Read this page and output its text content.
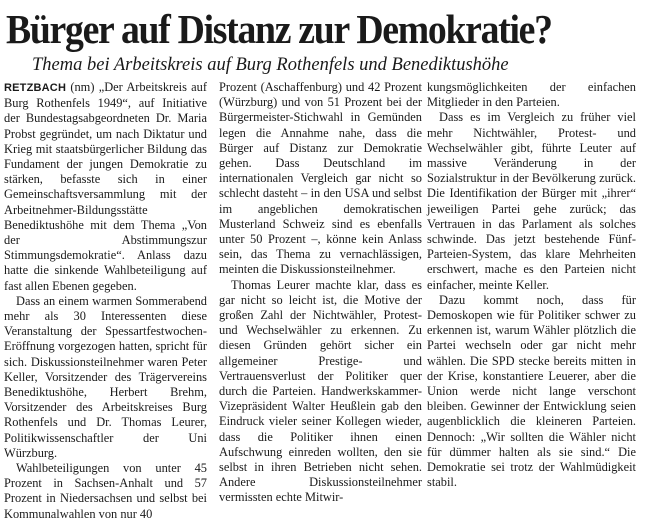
Bürger auf Distanz zur Demokratie?
Thema bei Arbeitskreis auf Burg Rothenfels und Benediktushöhe

RETZBACH (nm) „Der Arbeitskreis auf Burg Rothenfels 1949“, auf Initiative der Bundestagsabgeordneten Dr. Maria Probst gegründet, um nach Diktatur und Krieg mit staatsbürgerlicher Bildung das Fundament der jungen Demokratie zu stärken, befasste sich in einer Gemeinschaftsversammlung mit der Arbeitnehmer-Bildungsstätte Benediktushöhe mit dem Thema „Von der Abstimmungszur Stimmungsdemokratie“. Anlass dazu hatte die sinkende Wahlbeteiligung auf fast allen Ebenen gegeben.

Dass an einem warmen Sommerabend mehr als 30 Interessenten diese Veranstaltung der Spessartfestwochen-Eröffnung vorgezogen hatten, spricht für sich. Diskussionsteilnehmer waren Peter Keller, Vorsitzender des Trägervereins Benediktushöhe, Herbert Brehm, Vorsitzender des Arbeitskreises Burg Rothenfels und Dr. Thomas Leurer, Politikwissenschaftler der Uni Würzburg.

Wahlbeteiligungen von unter 45 Prozent in Sachsen-Anhalt und 57 Prozent in Niedersachsen und selbst bei Kommunalwahlen von nur 40

Prozent (Aschaffenburg) und 42 Prozent (Würzburg) und von 51 Prozent bei der Bürgermeister-Stichwahl in Gemünden legen die Annahme nahe, dass die Bürger auf Distanz zur Demokratie gehen. Dass Deutschland im internationalen Vergleich gar nicht so schlecht dasteht – in den USA und selbst im angeblichen demokratischen Musterland Schweiz sind es ebenfalls unter 50 Prozent –, könne kein Anlass sein, das Thema zu vernachlässigen, meinten die Diskussionsteilnehmer.

Thomas Leurer machte klar, dass es gar nicht so leicht ist, die Motive der großen Zahl der Nichtwähler, Protest- und Wechselwähler zu erkennen. Zu diesen Gründen gehört sicher ein allgemeiner Prestige- und Vertrauensverlust der Politiker quer durch die Parteien. Handwerkskammer-Vizepräsident Walter Heußlein gab den Eindruck vieler seiner Kollegen wieder, dass die Politiker ihnen einen Aufschwung einreden wollten, den sie selbst in ihren Betrieben nicht sehen. Andere Diskussionsteilnehmer vermissten echte Mitwir-

kungsmöglichkeiten der einfachen Mitglieder in den Parteien.

Dass es im Vergleich zu früher viel mehr Nichtwähler, Protest- und Wechselwähler gibt, führte Leuter auf massive Veränderung in der Sozialstruktur in der Bevölkerung zurück. Die Identifikation der Bürger mit „ihrer“ jeweiligen Partei gehe zurück; das Vertrauen in das Parlament als solches schwinde. Das jetzt bestehende Fünf-Parteien-System, das klare Mehrheiten erschwert, mache es den Parteien nicht einfacher, meinte Keller.

Dazu kommt noch, dass für Demoskopen wie für Politiker schwer zu erkennen ist, warum Wähler plötzlich die Partei wechseln oder gar nicht mehr wählen. Die SPD stecke bereits mitten in der Krise, konstantiere Leuerer, aber die Union werde nicht lange verschont bleiben. Gewinner der Entwicklung seien augenblicklich die kleineren Parteien. Dennoch: „Wir sollten die Wähler nicht für dümmer halten als sie sind.“ Die Demokratie sei trotz der Wahlmüdigkeit stabil.
